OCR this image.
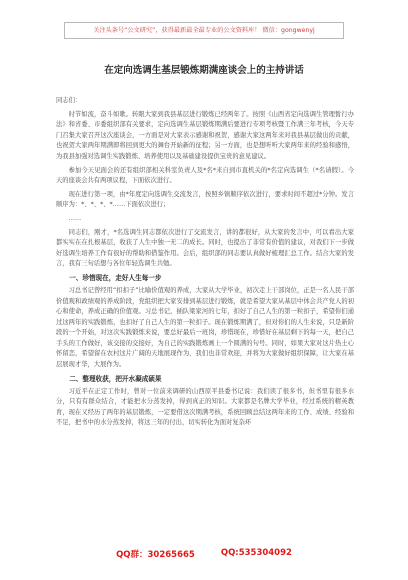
关注头条号“公文研究”，获得最新最全最专业的公文资料库！ 微信：gongwenyj
在定向选调生基层锻炼期满座谈会上的主持讲话

同志们：

时节如流，奋斗如歌。转眼大家到我县基层进行锻炼已经两年了。按照《山西省定向选调生管理暂行办法》和省委、市委组织部有关要求，定向选调生基层锻炼期满后要进行专项考核暨工作满三年考核，今天专门召集大家召开这次座谈会，一方面是对大家表示感谢和祝贺，感谢大家这两年来对我县基层做出的贡献，也祝贺大家两年期满即将回到更大的舞台开始新的征程；另一方面，也是想听听大家两年来的经验和感悟，为我县加强对选调生实践锻炼、培养使用以及基础建设提供宝贵的意见建议。

参加今天见面会的还有组织部相关科室负责人及*名*来自到市直机关的*名定向选调生（*名请假）。今天的座谈会共有两项议程，下面依次进行。

现在进行第一项，由*年度定向选调生交流发言，按照乡镇顺序依次进行，要求时间不超过*分钟。发言顺序为：*、*、*、*……下面依次进行；

……

同志们，刚才，*名选调生同志都依次进行了交流发言，讲的都很好，从大家的发言中，可以看出大家都实实在在扎根基层，收获了人生中独一无二的成长。同时，也提出了非常有价值的建议，对我们下一步做好选调生培养工作有很好的帮助和借鉴作用。会后，组织部的同志要认真做好梳理汇总工作。结合大家的发言，我有三句话想与各位年轻选调生共勉。

一、珍惜现在，走好人生每一步

习总书记曾经用“扣扣子”比喻价值观的养成，大家从大学毕业，初次走上干部岗位，正是一名人民干部价值观和政绩观的养成阶段，党组织把大家安排到基层进行锻炼，就是希望大家从基层中体会共产党人的初心和使命，养成正确的价值观。习总书记，插队梁家河的七年，扣好了自己人生的第一粒扣子，希望你们通过这两年的实践锻炼，也扣好了自己人生的第一粒扣子。现在锻炼期满了，但对你们的人生来说，只是新阶段的一个开始，对这次实践锻炼来说，要总好最后一班岗，珍惜现在，珍惜好在基层剩下的每一天，把自己手头的工作做好，该交接的交接好，为自己的实践锻炼画上一个圆满的句号。同时，如果大家对这片热土心怀留恋，希望留在农村这片广阔的天地展现作为，我们也非常欢迎，并将为大家做好组织保障，让大家在基层展现才华，大展作为。

二、整理收获，把开水凝成硕果

习近平在正定工作时，曾对一位前来调研的山西原平县委书记说：我们读了很多书，但书里有很多水分，只有有群众结合，才能把水分蒸发掉，得到真正的知识。大家都是名牌大学毕业，经过系统的精英教育，现在又经历了两年的基层锻炼，一定要借这次期满考核，系统回顾总结这两年来的工作、成绩、经验和不足，把书中的水分蒸发掉，将这三年的付出，切实转化为面对复杂环

QQ群：30265665	QQ:535304092
